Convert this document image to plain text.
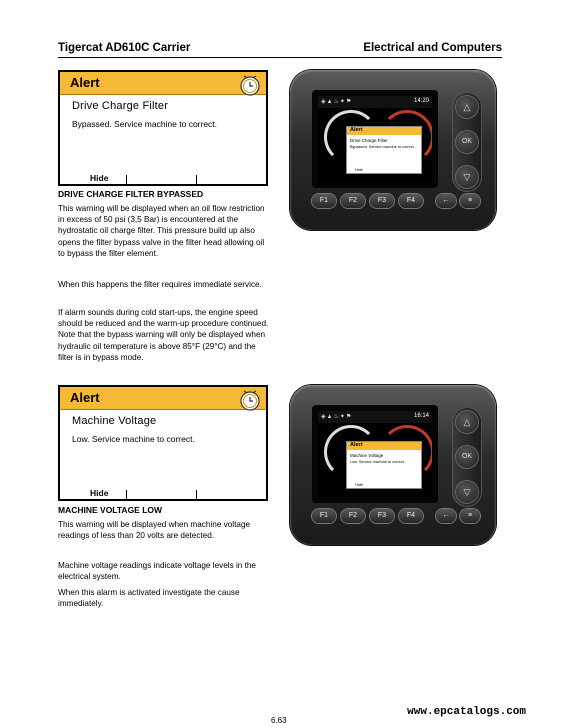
Tigercat AD610C Carrier	Electrical and Computers
Alert
Drive Charge Filter
Bypassed. Service machine to correct.
Hide
DRIVE CHARGE FILTER BYPASSED
This warning will be displayed when an oil flow restriction in excess of 50 psi (3,5 Bar) is encountered at the hydrostatic oil charge filter. This pressure build up also opens the filter bypass valve in the filter head allowing oil to bypass the filter element.
When this happens the filter requires immediate service.
If alarm sounds during cold start-ups, the engine speed should be reduced and the warm-up procedure continued. Note that the bypass warning will only be displayed when hydraulic oil temperature is above 85°F (29°C) and the filter is in bypass mode.
◈▲♨✦⚑	14:20
Alert
Drive Charge Filter
Bypassed. Service machine to correct.
Hide
△
OK
▽
F1	F2	F3	F4	←	≡
Alert
Machine Voltage
Low. Service machine to correct.
Hide
MACHINE VOLTAGE LOW
This warning will be displayed when machine voltage readings of less than 20 volts are detected.
Machine voltage readings indicate voltage levels in the electrical system.
When this alarm is activated investigate the cause immediately.
◈▲♨✦⚑	16:14
Alert
Machine Voltage
Low. Service machine to correct.
Hide
△
OK
▽
F1	F2	F3	F4	←	≡
6.63
www.epcatalogs.com
